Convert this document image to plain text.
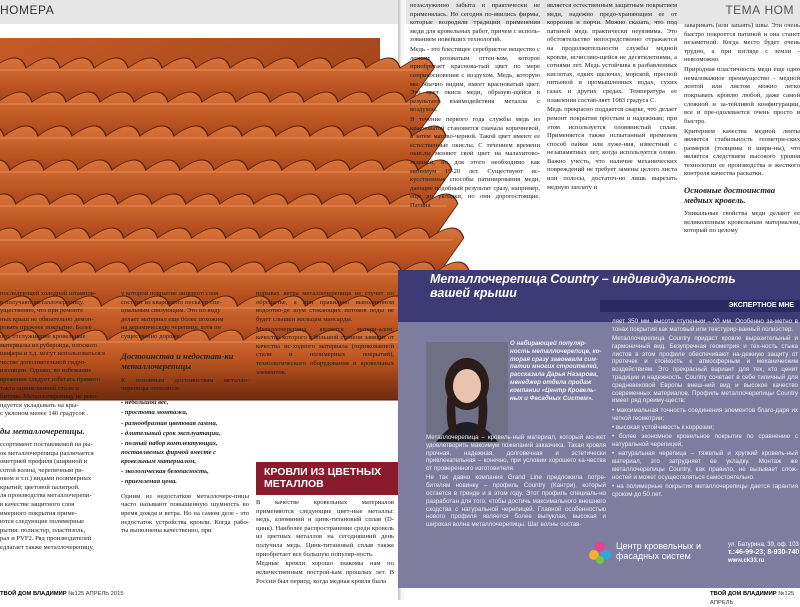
НОМЕРА	ТЕМА НОМ
последующей холодной штампов-
о получают металлочерепицу.
ущественно, что при ремонте
ных крыш не обязательно демон-
ровать прежнее покрытие. Более
ого, отслужившие кровельные
материалы из рубероида, плоского
шифера и т.д. могут использоваться в
честве дополнительной гидро-
изоляции. Однако, во избежание
врежения следует избегать прямого
такта оцинкованной стали и
битума. Металлочерепицу не реко-
ндуется укладывать на кры-
с уклоном менее 140 градусов .
ды металлочерепицы.
ссортимент поставляемой на ры-
ок металлочерепицы различается
ометрией профиля (шириной и
сотой волны, черепичным ри-
нком и т.п.) видами полимерных
крытий; цветовой палитрой.
ля производства металлочерепи-
в качестве защитного слоя
имерного покрытия приме-
ются следующие полимерные
рытия: полиэстер, пластизоль,
рал и PVF2. Ряд производителей
едлагает также металлочерепицу,
у которой покрытие лицевого слоя
состоит из кварцевого песка со спе-
циальным связующим. Это по виду
делает материал еще более похожим
на керамическую черепицу, хотя он
существенно дороже.
Достоинства и недостат-ки металлочерепицы

К основным достоинствам металло-черепицы относятся:

- небольшой вес,
- простота монтажа,
- разнообразная цветовая гамма,
- длительный срок эксплуатации,
- полный набор комплектующих, поставляемых фирмой вместе с кровельным материалом,
- экологическая безопасность,
- приемлемая цена.

Одним из недостатков металлочере-пицы часто называют повышенную шумность во время дождя и ветра. Но на самом деле - это недостаток устройства кровли. Когда рабо-ты выполнены качественно, при

порывах ветра металлочерепица не стучит по обрешетке, а при правильно выполненном водоотво-де шум стекающих потоков воды не будет слышен жильцам мансарды.

Металлочерепица является матери-алом, качество которого в большой степени зависит от качества ис-ходного материала (оцинкованной стали и полимерных покрытий), технологического оборудования и кровельных элементов.

КРОВЛИ ИЗ ЦВЕТНЫХ МЕТАЛЛОВ

В качестве кровельных материалов применяются следующие цвет-ные металлы: медь, алюминий и цинк-титановый сплав (D-цинк). Наиболее распространение среди кровель из цветных металлов на сегодняшний день получила медь. Цинк-титановый сплав также приобретает все большую популяр-ность.

Медные кровли хорошо знакомы нам по величественным построй-кам прошлых лет. В России был период, когда медная кровля была

незаслуженно забыта и практически не применялась. Но сегодня по-явились фирмы, которые возродили традиции применения меди для кровельных работ, причем с исполь-зованием новейших технологий.

Медь - это блестящее серебристое вещество с легким розоватым оттен-ком, которое приобретает краснова-тый цвет по мере соприкосновения с воздухом. Медь, которую мы обычно видим, имеет красноватый цвет. Это цвет окиси меди, образую-щейся в результате взаимодействия металла с воздухом.

В течение первого года службы медь из красноватой становится сначала коричневой, а затем матово-черной. Такой цвет имеют ее естественные окислы. С течением времени окислы меняют свой цвет на малахитово-зеленый, но для этого необходимо как минимум 15-20 лет. Существуют ис-кусственные способы патинирования меди, дающие подобный результат сразу, например, еще до укладки, но они дорогостоящие. Патина

является естественным защитным покрытием меди, надежно предо-храняющим ее от коррозии и порчи. Можно сказать, что под патиной медь практически неуязвима. Это обстоятельство непосредственно отражается на продолжительности службы медной кровли, исчисляю-щейся не десятилетиями, а сотнями лет. Медь устойчива в разбавленных кислотах, едких щелочах, морской, пресной питьевой и промышленных водах, сухих газах и других средах. Температура ее плавления состав-ляет 1083 градуса С.

Медь прекрасно поддается сварке, что делает ремонт покрытия простым и надежным; при этом используется оловянистый сплав. Применяется также испытанный временем способ пайки или луже-ния, известный с незапамятных лет, когда используется олово. Важно учесть, что наличие механических повреждений не требует замены целого листа или полосы, достаточ-но лишь вырезать медную заплату и

заваривать (или запаять) швы. Эти очень быстро покроется патиной и она станет незаметной. Когда место будет очень трудно, а при взгляде с земли - невозможно.

Природная пластичность меди еще одно немаловажное преимущество - медной лентой или листом можно легко покрывать кровлю любой, даже самой сложной и за-тейливой конфигурации, все и пре-одолевается очень просто и быстро.

Критерием качества медной ленты является стабильность геометри-ских размеров (толщины и шири-ны), что является следствием высокого уровня технологии ее производства и жесткого контроля качества раскатки.

Основные достоинства медных кровель.

Уникальные свойства меди делают ее великолепным кровельным материалом, который по целому

Металлочерепица Country – индивидуальность вашей крыши
ЭКСПЕРТНОЕ МНЕ
О набирающей популяр-ность металлочерепице, ко-торая сразу завоевала сим-патии многих строителей, рассказала Дарья Назарова, менеджер отдела продаж компании «Центр Кровель-ных и Фасадных Систем».

Металлочерепица – кровель-ный материал, который мо-жет удовлетворить максимум пожеланий заказчика. Такая кровля прочная, надежная, долговечная и эстетически привлекательная – конечно, при условии хорошего ка-чества от проверенного изготовителя.

Не так давно компания Grand Line предложила потре-бителям новинку – профиль Country (Кантри), который остается в тренде и в этом году. Этот профиль специаль-но разработан для того, чтобы достичь максимального внешнего сходства с натуральной черепицей. Главной особенностью нового профиля является более выпуклая, высокая и широкая волна металлочерепицы. Шаг волны состав-

ляет 350 мм, высота ступеньки - 20 мм. Особенно за-метно в тонах покрытия как матовый или текстурир-ванный полиэстер.

Металлочерепица Country придаст кровле выразительный и гармоничный вид. Безупречная геометрия и тех-ность стыка листов в этом профиле обеспечивают на-дежную защиту от протечек и стойкость к атмосферным и механическим воздействиям. Это прекрасный вариант для тех, кто ценит традиции и надежность. Country сочетает в себе типичный для средневековой Европы внеш-ний вид и высокое качество современных материалов. Профиль металлочерепицы Country имеет ряд преиму-ществ:

• максимальная точность соединения элементов благо-даря их четкой геометрии;

• высокая устойчивость к коррозии;

• более экономное кровельное покрытие по сравнению с натуральной черепицей;

• натуральная черепица – тяжелый и хрупкий кровель-ный материал, это затрудняет ее укладку. Монтаж же металлочерепицы Country, как правило, не вызывает слож-ностей и может осуществляться самостоятельно.

• на полимерные покрытия металлочерепицы дается гарантия сроком до 50 лет.

Центр кровельных и фасадных систем
ул. Батурина, 39, оф. 103
т.:46-99-23; 8-930-740
www.ck33.ru
ТВОЙ ДОМ ВЛАДИМИР №125 АПРЕЛЬ 2015	ТВОЙ ДОМ ВЛАДИМИР №125 АПРЕЛЬ
